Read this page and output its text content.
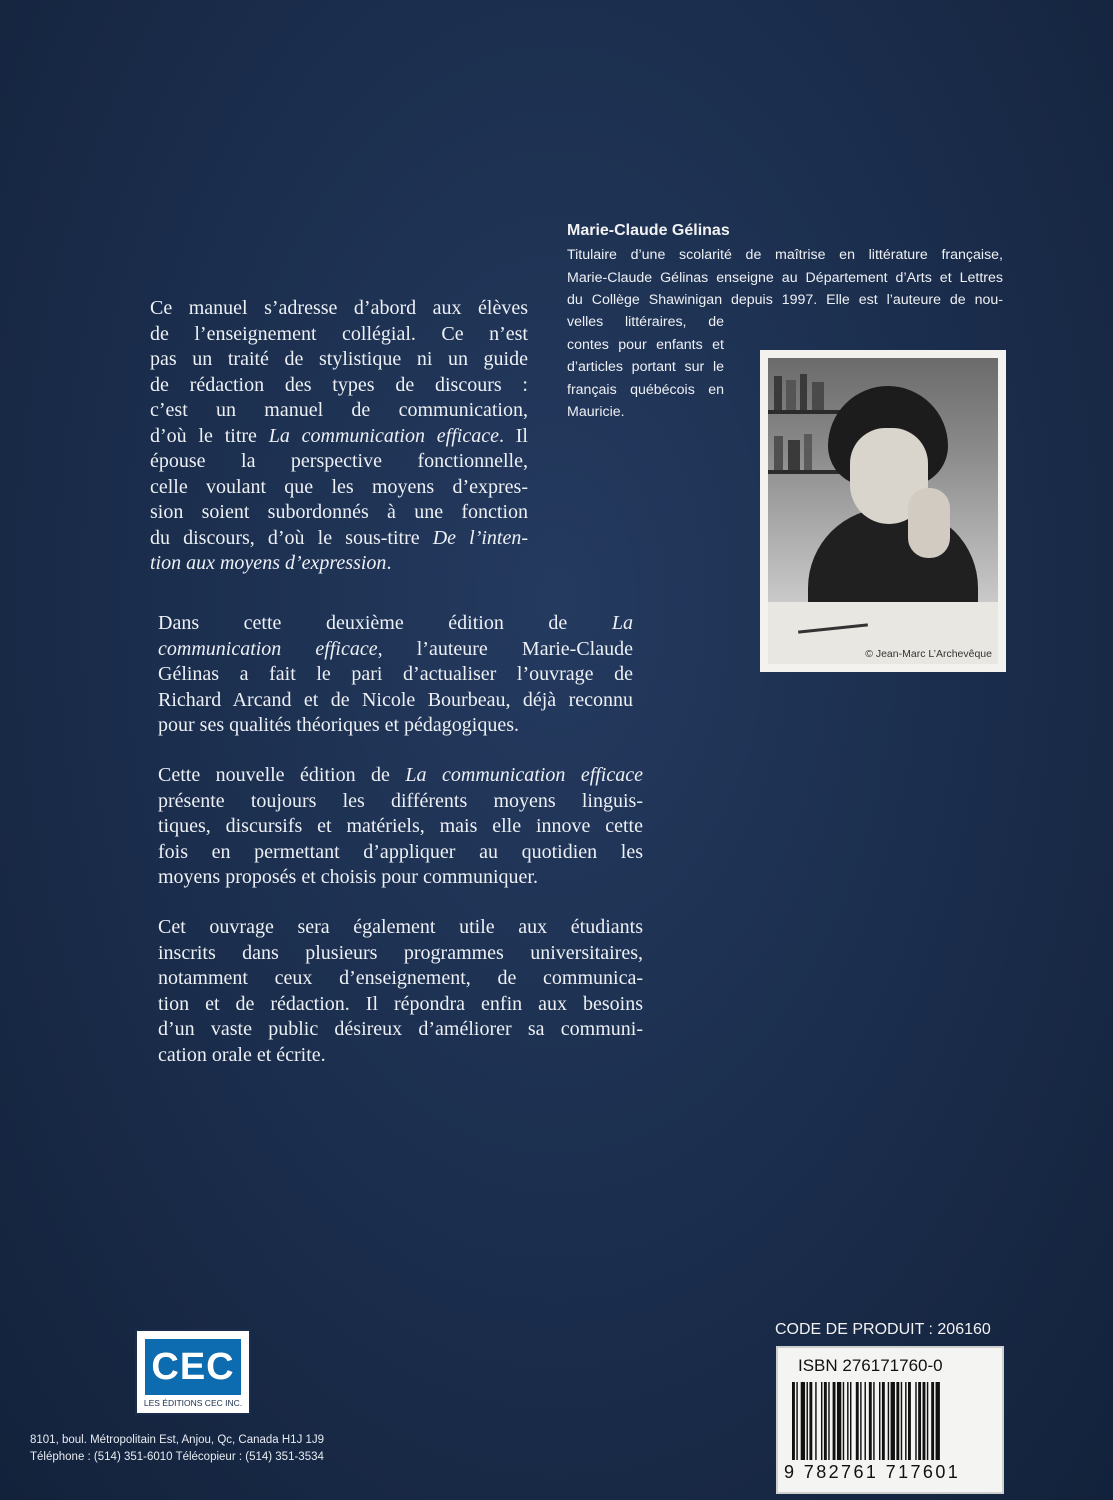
Marie-Claude Gélinas
Titulaire d’une scolarité de maîtrise en littérature française,
Marie-Claude Gélinas enseigne au Département d’Arts et Lettres
du Collège Shawinigan depuis 1997. Elle est l’auteure de nou-
velles littéraires, de
contes pour enfants et
d’articles portant sur le
français québécois en
Mauricie.
© Jean-Marc L’Archevêque
Ce manuel s’adresse d’abord aux élèves
de l’enseignement collégial. Ce n’est
pas un traité de stylistique ni un guide
de rédaction des types de discours :
c’est un manuel de communication,
d’où le titre La communication efficace. Il
épouse la perspective fonctionnelle,
celle voulant que les moyens d’expres-
sion soient subordonnés à une fonction
du discours, d’où le sous-titre De l’inten-
tion aux moyens d’expression.
Dans cette deuxième édition de La
communication efficace, l’auteure Marie-Claude
Gélinas a fait le pari d’actualiser l’ouvrage de
Richard Arcand et de Nicole Bourbeau, déjà reconnu
pour ses qualités théoriques et pédagogiques.
Cette nouvelle édition de La communication efficace
présente toujours les différents moyens linguis-
tiques, discursifs et matériels, mais elle innove cette
fois en permettant d’appliquer au quotidien les
moyens proposés et choisis pour communiquer.
Cet ouvrage sera également utile aux étudiants
inscrits dans plusieurs programmes universitaires,
notamment ceux d’enseignement, de communica-
tion et de rédaction. Il répondra enfin aux besoins
d’un vaste public désireux d’améliorer sa communi-
cation orale et écrite.
CEC
LES ÉDITIONS CEC INC.
8101, boul. Métropolitain Est, Anjou, Qc, Canada H1J 1J9
Téléphone : (514) 351-6010 Télécopieur : (514) 351-3534
CODE DE PRODUIT : 206160
ISBN 276171760-0
9 782761 717601
